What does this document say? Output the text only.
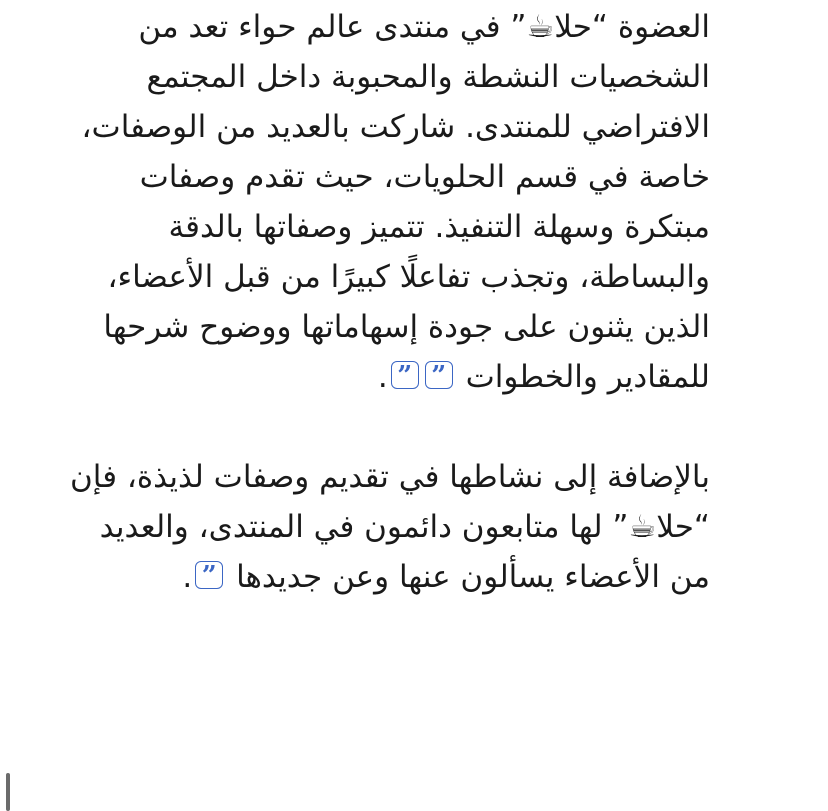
العضوة “حلا☕” في منتدى عالم حواء تعد من الشخصيات النشطة والمحبوبة داخل المجتمع الافتراضي للمنتدى. شاركت بالعديد من الوصفات، خاصة في قسم الحلويات، حيث تقدم وصفات مبتكرة وسهلة التنفيذ. تتميز وصفاتها بالدقة والبساطة، وتجذب تفاعلًا كبيرًا من قبل الأعضاء، الذين يثنون على جودة إسهاماتها ووضوح شرحها للمقادير والخطوات ””.

بالإضافة إلى نشاطها في تقديم وصفات لذيذة، فإن “حلا☕” لها متابعون دائمون في المنتدى، والعديد من الأعضاء يسألون عنها وعن جديدها ”.
